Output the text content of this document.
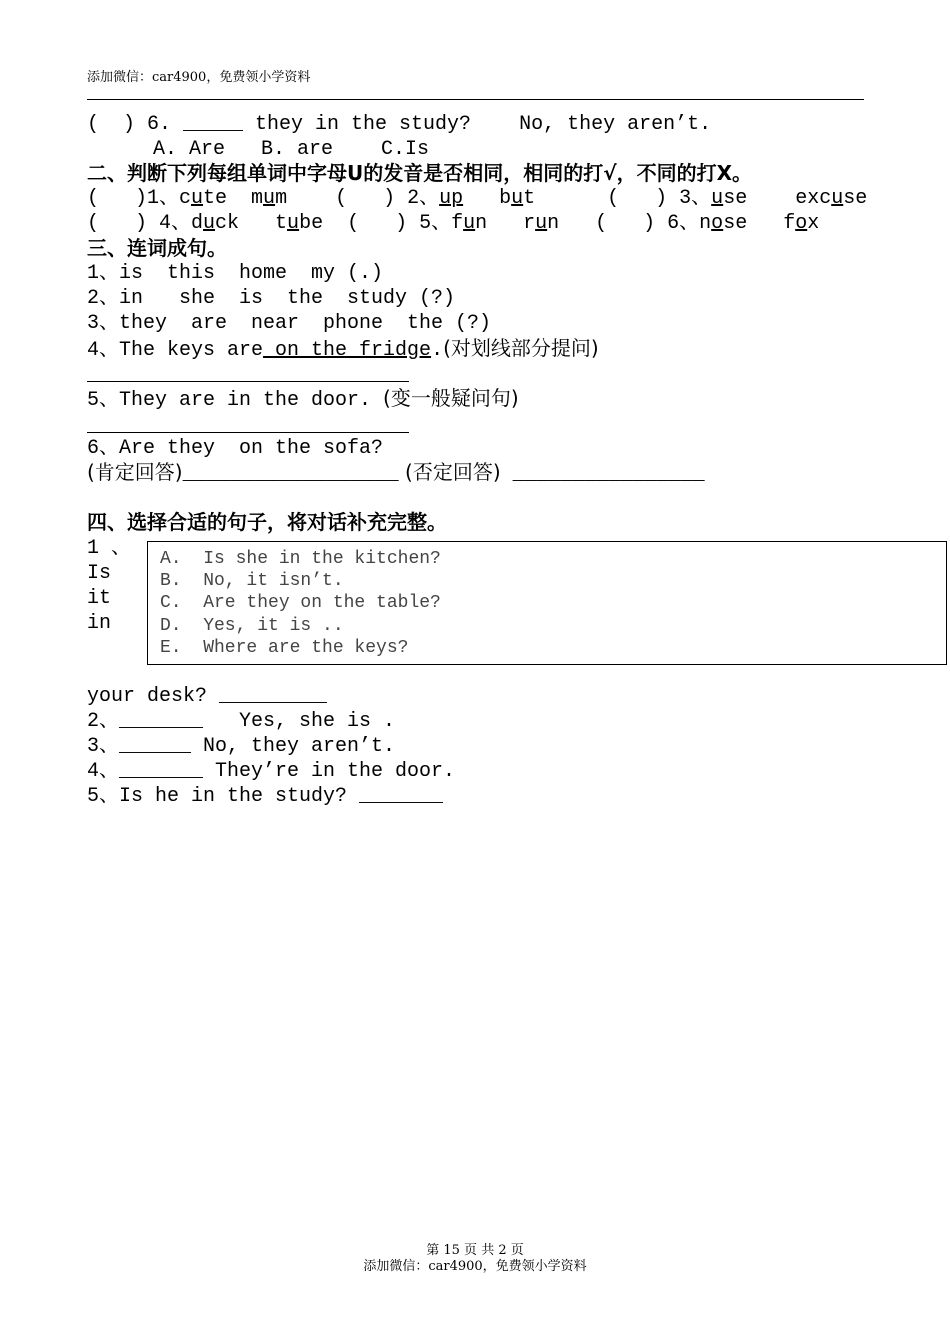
添加微信：car4900，免费领小学资料
(  ) 6. _____ they in the study?    No, they aren’t.
A. Are   B. are    C.Is
二、判断下列每组单词中字母U的发音是否相同，相同的打√，不同的打X。
(   )1、cute  mum    (   ) 2、up   but      (   ) 3、use    excuse
(   ) 4、duck   tube  (   ) 5、fun   run   (   ) 6、nose   fox
三、连词成句。
1、is  this  home  my (.)
2、in   she  is  the  study (?)
3、they  are  near  phone  the (?)
4、The keys are on the fridge.(对划线部分提问)
5、They are in the door. (变一般疑问句)
6、Are they  on the sofa?
(肯定回答)__________________ (否定回答) ________________
四、选择合适的句子，将对话补充完整。
1 、
Is
it
in
A.  Is she in the kitchen?
B.  No, it isn’t.
C.  Are they on the table?
D.  Yes, it is ..
E.  Where are the keys?
your desk? _________
2、_______   Yes, she is .
3、______ No, they aren’t.
4、_______ They’re in the door.
5、Is he in the study? _______
第 15 页 共 2 页
添加微信：car4900，免费领小学资料
